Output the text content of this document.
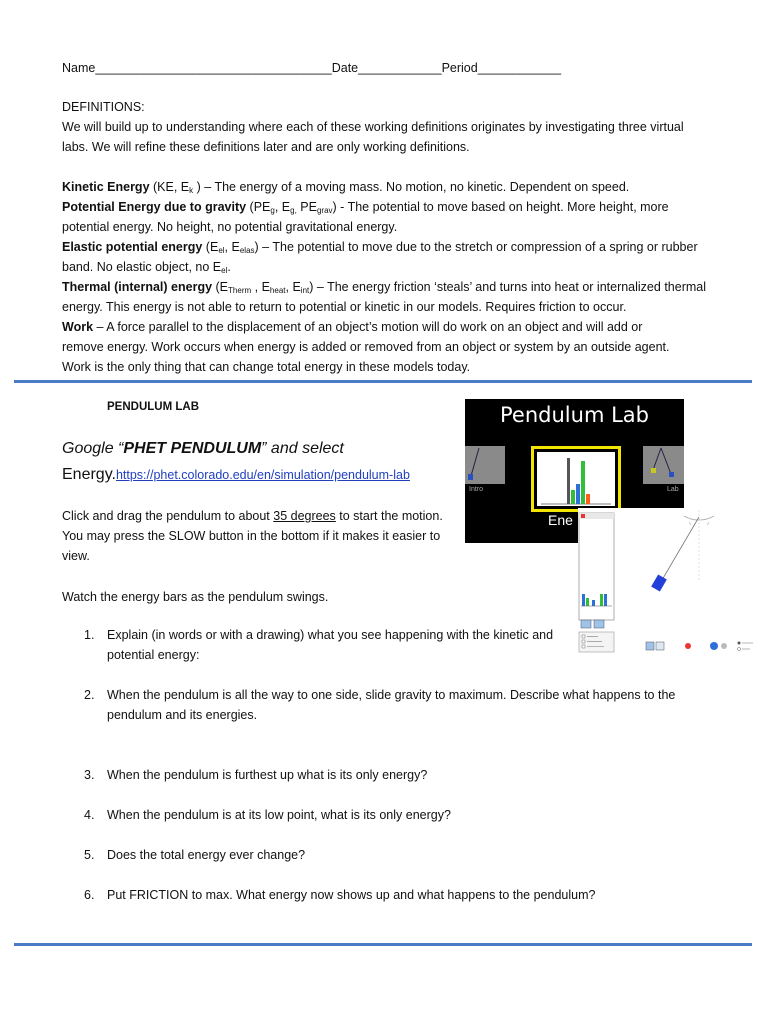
Name__________________________________Date____________Period____________
DEFINITIONS:
We will build up to understanding where each of these working definitions originates by investigating three virtual
labs. We will refine these definitions later and are only working definitions.
Kinetic Energy (KE, $E_k$ ) – The energy of a moving mass. No motion, no kinetic. Dependent on speed.
Potential Energy due to gravity ($PE_g$, $E_{g,}$ $PE_{grav}$) - The potential to move based on height. More height, more
potential energy. No height, no potential gravitational energy.
Elastic potential energy ($E_{el}$, $E_{elas}$) – The potential to move due to the stretch or compression of a spring or rubber
band. No elastic object, no $E_{el}$.
Thermal (internal) energy ($E_{Therm}$ , $E_{heat}$, $E_{int}$) – The energy friction ‘steals’ and turns into heat or internalized thermal
energy. This energy is not able to return to potential or kinetic in our models. Requires friction to occur.
Work – A force parallel to the displacement of an object’s motion will do work on an object and will add or
remove energy. Work occurs when energy is added or removed from an object or system by an outside agent.
Work is the only thing that can change total energy in these models today.
PENDULUM LAB
Google “PHET PENDULUM” and select
Energy.https://phet.colorado.edu/en/simulation/pendulum-lab
Click and drag the pendulum to about 35 degrees to start the motion.
You may press the SLOW button in the bottom if it makes it easier to
view.
Watch the energy bars as the pendulum swings.
1. Explain (in words or with a drawing) what you see happening with the kinetic and
potential energy:
2. When the pendulum is all the way to one side, slide gravity to maximum. Describe what happens to the
pendulum and its energies.
3. When the pendulum is furthest up what is its only energy?
4. When the pendulum is at its low point, what is its only energy?
5. Does the total energy ever change?
6. Put FRICTION to max. What energy now shows up and what happens to the pendulum?
Pendulum Lab
Intro
Ene
Lab
